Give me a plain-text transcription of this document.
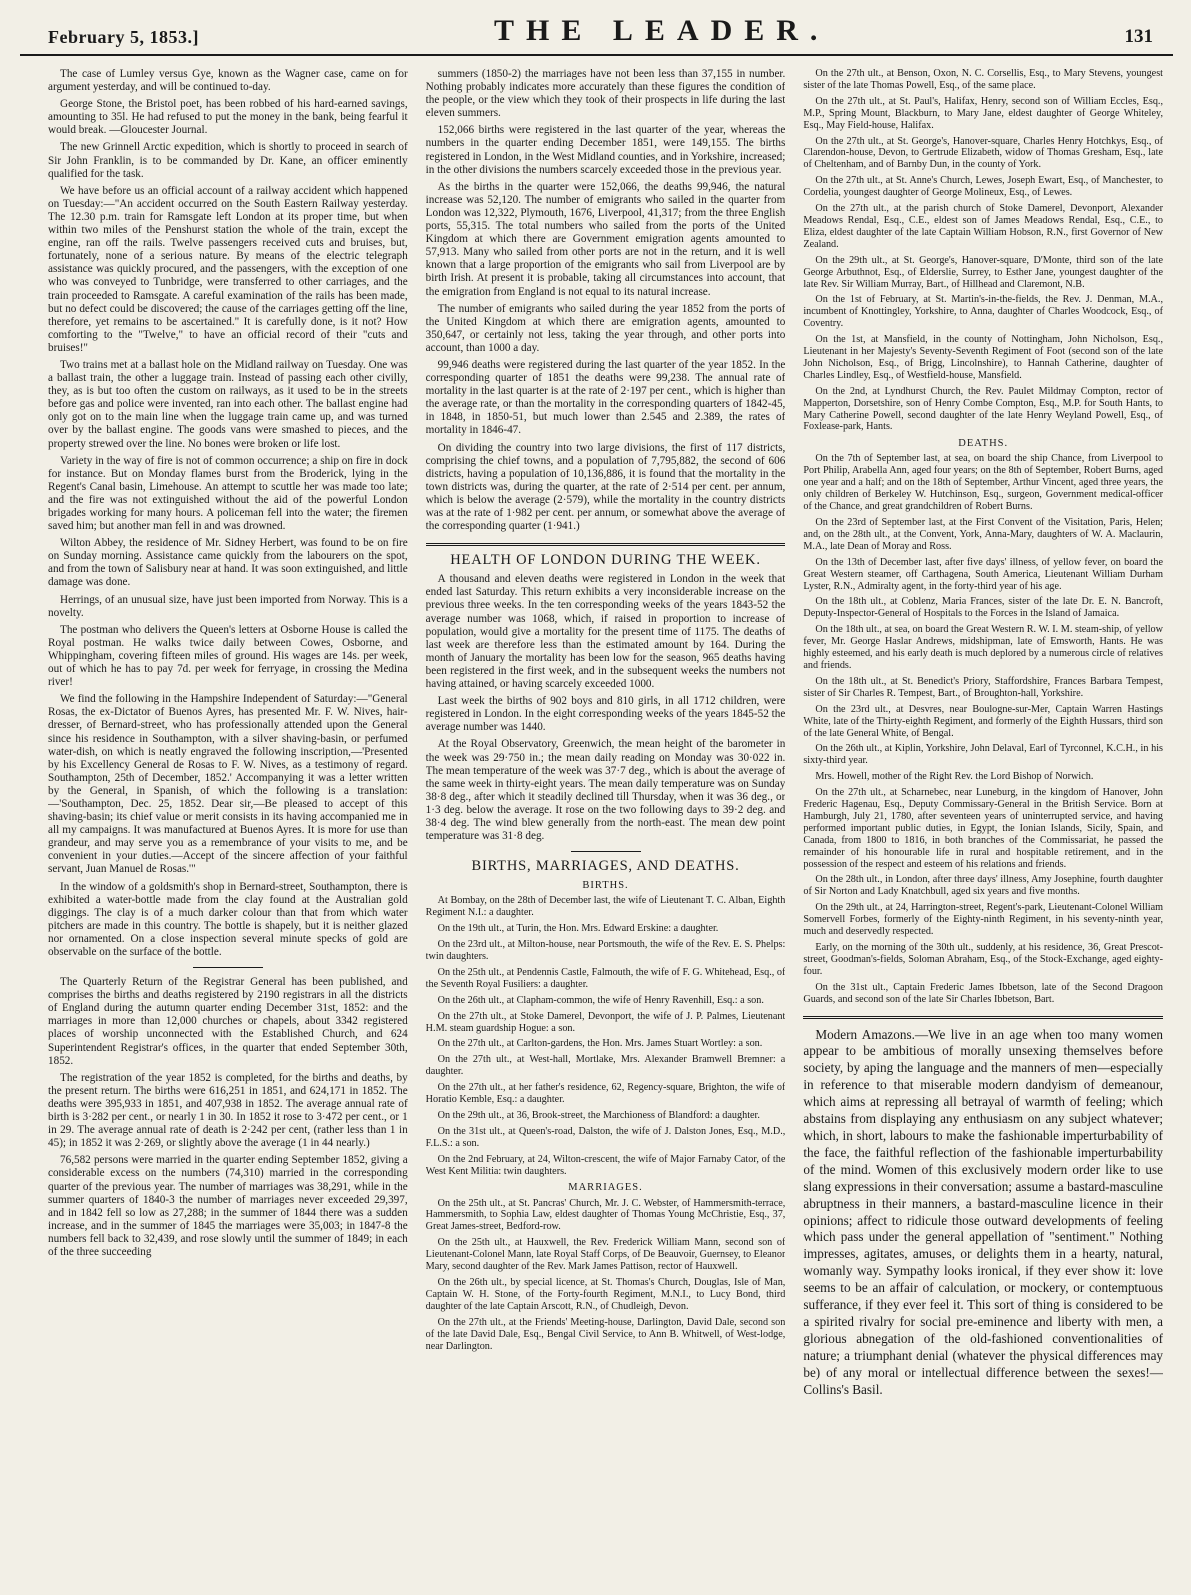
February 5, 1853.]	THE LEADER.	131

The case of Lumley versus Gye, known as the Wagner case, came on for argument yesterday, and will be continued to-day.

George Stone, the Bristol poet, has been robbed of his hard-earned savings, amounting to 35l. He had refused to put the money in the bank, being fearful it would break. —Gloucester Journal.

The new Grinnell Arctic expedition, which is shortly to proceed in search of Sir John Franklin, is to be commanded by Dr. Kane, an officer eminently qualified for the task.

We have before us an official account of a railway accident which happened on Tuesday:—"An accident occurred on the South Eastern Railway yesterday. The 12.30 p.m. train for Ramsgate left London at its proper time, but when within two miles of the Penshurst station the whole of the train, except the engine, ran off the rails. Twelve passengers received cuts and bruises, but, fortunately, none of a serious nature. By means of the electric telegraph assistance was quickly procured, and the passengers, with the exception of one who was conveyed to Tunbridge, were transferred to other carriages, and the train proceeded to Ramsgate. A careful examination of the rails has been made, but no defect could be discovered; the cause of the carriages getting off the line, therefore, yet remains to be ascertained." It is carefully done, is it not? How comforting to the "Twelve," to have an official record of their "cuts and bruises!"

Two trains met at a ballast hole on the Midland railway on Tuesday. One was a ballast train, the other a luggage train. Instead of passing each other civilly, they, as is but too often the custom on railways, as it used to be in the streets before gas and police were invented, ran into each other. The ballast engine had only got on to the main line when the luggage train came up, and was turned over by the ballast engine. The goods vans were smashed to pieces, and the property strewed over the line. No bones were broken or life lost.

Variety in the way of fire is not of common occurrence; a ship on fire in dock for instance. But on Monday flames burst from the Broderick, lying in the Regent's Canal basin, Limehouse. An attempt to scuttle her was made too late; and the fire was not extinguished without the aid of the powerful London brigades working for many hours. A policeman fell into the water; the firemen saved him; but another man fell in and was drowned.

Wilton Abbey, the residence of Mr. Sidney Herbert, was found to be on fire on Sunday morning. Assistance came quickly from the labourers on the spot, and from the town of Salisbury near at hand. It was soon extinguished, and little damage was done.

Herrings, of an unusual size, have just been imported from Norway. This is a novelty.

The postman who delivers the Queen's letters at Osborne House is called the Royal postman. He walks twice daily between Cowes, Osborne, and Whippingham, covering fifteen miles of ground. His wages are 14s. per week, out of which he has to pay 7d. per week for ferryage, in crossing the Medina river!

We find the following in the Hampshire Independent of Saturday:—"General Rosas, the ex-Dictator of Buenos Ayres, has presented Mr. F. W. Nives, hair-dresser, of Bernard-street, who has professionally attended upon the General since his residence in Southampton, with a silver shaving-basin, or perfumed water-dish, on which is neatly engraved the following inscription,—'Presented by his Excellency General de Rosas to F. W. Nives, as a testimony of regard. Southampton, 25th of December, 1852.' Accompanying it was a letter written by the General, in Spanish, of which the following is a translation:—'Southampton, Dec. 25, 1852. Dear sir,—Be pleased to accept of this shaving-basin; its chief value or merit consists in its having accompanied me in all my campaigns. It was manufactured at Buenos Ayres. It is more for use than grandeur, and may serve you as a remembrance of your visits to me, and be convenient in your duties.—Accept of the sincere affection of your faithful servant, Juan Manuel de Rosas.'"

In the window of a goldsmith's shop in Bernard-street, Southampton, there is exhibited a water-bottle made from the clay found at the Australian gold diggings. The clay is of a much darker colour than that from which water pitchers are made in this country. The bottle is shapely, but it is neither glazed nor ornamented. On a close inspection several minute specks of gold are observable on the surface of the bottle.

The Quarterly Return of the Registrar General has been published, and comprises the births and deaths registered by 2190 registrars in all the districts of England during the autumn quarter ending December 31st, 1852: and the marriages in more than 12,000 churches or chapels, about 3342 registered places of worship unconnected with the Established Church, and 624 Superintendent Registrar's offices, in the quarter that ended September 30th, 1852.

The registration of the year 1852 is completed, for the births and deaths, by the present return. The births were 616,251 in 1851, and 624,171 in 1852. The deaths were 395,933 in 1851, and 407,938 in 1852. The average annual rate of birth is 3·282 per cent., or nearly 1 in 30. In 1852 it rose to 3·472 per cent., or 1 in 29. The average annual rate of death is 2·242 per cent, (rather less than 1 in 45); in 1852 it was 2·269, or slightly above the average (1 in 44 nearly.)

76,582 persons were married in the quarter ending September 1852, giving a considerable excess on the numbers (74,310) married in the corresponding quarter of the previous year. The number of marriages was 38,291, while in the summer quarters of 1840-3 the number of marriages never exceeded 29,397, and in 1842 fell so low as 27,288; in the summer of 1844 there was a sudden increase, and in the summer of 1845 the marriages were 35,003; in 1847-8 the numbers fell back to 32,439, and rose slowly until the summer of 1849; in each of the three succeeding

summers (1850-2) the marriages have not been less than 37,155 in number. Nothing probably indicates more accurately than these figures the condition of the people, or the view which they took of their prospects in life during the last eleven summers.

152,066 births were registered in the last quarter of the year, whereas the numbers in the quarter ending December 1851, were 149,155. The births registered in London, in the West Midland counties, and in Yorkshire, increased; in the other divisions the numbers scarcely exceeded those in the previous year.

As the births in the quarter were 152,066, the deaths 99,946, the natural increase was 52,120. The number of emigrants who sailed in the quarter from London was 12,322, Plymouth, 1676, Liverpool, 41,317; from the three English ports, 55,315. The total numbers who sailed from the ports of the United Kingdom at which there are Government emigration agents amounted to 57,913. Many who sailed from other ports are not in the return, and it is well known that a large proportion of the emigrants who sail from Liverpool are by birth Irish. At present it is probable, taking all circumstances into account, that the emigration from England is not equal to its natural increase.

The number of emigrants who sailed during the year 1852 from the ports of the United Kingdom at which there are emigration agents, amounted to 350,647, or certainly not less, taking the year through, and other ports into account, than 1000 a day.

99,946 deaths were registered during the last quarter of the year 1852. In the corresponding quarter of 1851 the deaths were 99,238. The annual rate of mortality in the last quarter is at the rate of 2·197 per cent., which is higher than the average rate, or than the mortality in the corresponding quarters of 1842-45, in 1848, in 1850-51, but much lower than 2.545 and 2.389, the rates of mortality in 1846-47.

On dividing the country into two large divisions, the first of 117 districts, comprising the chief towns, and a population of 7,795,882, the second of 606 districts, having a population of 10,136,886, it is found that the mortality in the town districts was, during the quarter, at the rate of 2·514 per cent. per annum, which is below the average (2·579), while the mortality in the country districts was at the rate of 1·982 per cent. per annum, or somewhat above the average of the corresponding quarter (1·941.)

HEALTH OF LONDON DURING THE WEEK.

A thousand and eleven deaths were registered in London in the week that ended last Saturday. This return exhibits a very inconsiderable increase on the previous three weeks. In the ten corresponding weeks of the years 1843-52 the average number was 1068, which, if raised in proportion to increase of population, would give a mortality for the present time of 1175. The deaths of last week are therefore less than the estimated amount by 164. During the month of January the mortality has been low for the season, 965 deaths having been registered in the first week, and in the subsequent weeks the numbers not having attained, or having scarcely exceeded 1000.

Last week the births of 902 boys and 810 girls, in all 1712 children, were registered in London. In the eight corresponding weeks of the years 1845-52 the average number was 1440.

At the Royal Observatory, Greenwich, the mean height of the barometer in the week was 29·750 in.; the mean daily reading on Monday was 30·022 in. The mean temperature of the week was 37·7 deg., which is about the average of the same week in thirty-eight years. The mean daily temperature was on Sunday 38·8 deg., after which it steadily declined till Thursday, when it was 36 deg., or 1·3 deg. below the average. It rose on the two following days to 39·2 deg. and 38·4 deg. The wind blew generally from the north-east. The mean dew point temperature was 31·8 deg.

BIRTHS, MARRIAGES, AND DEATHS.
BIRTHS.

At Bombay, on the 28th of December last, the wife of Lieutenant T. C. Alban, Eighth Regiment N.I.: a daughter.

On the 19th ult., at Turin, the Hon. Mrs. Edward Erskine: a daughter.

On the 23rd ult., at Milton-house, near Portsmouth, the wife of the Rev. E. S. Phelps: twin daughters.

On the 25th ult., at Pendennis Castle, Falmouth, the wife of F. G. Whitehead, Esq., of the Seventh Royal Fusiliers: a daughter.

On the 26th ult., at Clapham-common, the wife of Henry Ravenhill, Esq.: a son.

On the 27th ult., at Stoke Damerel, Devonport, the wife of J. P. Palmes, Lieutenant H.M. steam guardship Hogue: a son.

On the 27th ult., at Carlton-gardens, the Hon. Mrs. James Stuart Wortley: a son.

On the 27th ult., at West-hall, Mortlake, Mrs. Alexander Bramwell Bremner: a daughter.

On the 27th ult., at her father's residence, 62, Regency-square, Brighton, the wife of Horatio Kemble, Esq.: a daughter.

On the 29th ult., at 36, Brook-street, the Marchioness of Blandford: a daughter.

On the 31st ult., at Queen's-road, Dalston, the wife of J. Dalston Jones, Esq., M.D., F.L.S.: a son.

On the 2nd February, at 24, Wilton-crescent, the wife of Major Farnaby Cator, of the West Kent Militia: twin daughters.

MARRIAGES.

On the 25th ult., at St. Pancras' Church, Mr. J. C. Webster, of Hammersmith-terrace, Hammersmith, to Sophia Law, eldest daughter of Thomas Young McChristie, Esq., 37, Great James-street, Bedford-row.

On the 25th ult., at Hauxwell, the Rev. Frederick William Mann, second son of Lieutenant-Colonel Mann, late Royal Staff Corps, of De Beauvoir, Guernsey, to Eleanor Mary, second daughter of the Rev. Mark James Pattison, rector of Hauxwell.

On the 26th ult., by special licence, at St. Thomas's Church, Douglas, Isle of Man, Captain W. H. Stone, of the Forty-fourth Regiment, M.N.I., to Lucy Bond, third daughter of the late Captain Arscott, R.N., of Chudleigh, Devon.

On the 27th ult., at the Friends' Meeting-house, Darlington, David Dale, second son of the late David Dale, Esq., Bengal Civil Service, to Ann B. Whitwell, of West-lodge, near Darlington.

On the 27th ult., at Benson, Oxon, N. C. Corsellis, Esq., to Mary Stevens, youngest sister of the late Thomas Powell, Esq., of the same place.

On the 27th ult., at St. Paul's, Halifax, Henry, second son of William Eccles, Esq., M.P., Spring Mount, Blackburn, to Mary Jane, eldest daughter of George Whiteley, Esq., May Field-house, Halifax.

On the 27th ult., at St. George's, Hanover-square, Charles Henry Hotchkys, Esq., of Clarendon-house, Devon, to Gertrude Elizabeth, widow of Thomas Gresham, Esq., late of Cheltenham, and of Barnby Dun, in the county of York.

On the 27th ult., at St. Anne's Church, Lewes, Joseph Ewart, Esq., of Manchester, to Cordelia, youngest daughter of George Molineux, Esq., of Lewes.

On the 27th ult., at the parish church of Stoke Damerel, Devonport, Alexander Meadows Rendal, Esq., C.E., eldest son of James Meadows Rendal, Esq., C.E., to Eliza, eldest daughter of the late Captain William Hobson, R.N., first Governor of New Zealand.

On the 29th ult., at St. George's, Hanover-square, D'Monte, third son of the late George Arbuthnot, Esq., of Elderslie, Surrey, to Esther Jane, youngest daughter of the late Rev. Sir William Murray, Bart., of Hillhead and Claremont, N.B.

On the 1st of February, at St. Martin's-in-the-fields, the Rev. J. Denman, M.A., incumbent of Knottingley, Yorkshire, to Anna, daughter of Charles Woodcock, Esq., of Coventry.

On the 1st, at Mansfield, in the county of Nottingham, John Nicholson, Esq., Lieutenant in her Majesty's Seventy-Seventh Regiment of Foot (second son of the late John Nicholson, Esq., of Brigg, Lincolnshire), to Hannah Catherine, daughter of Charles Lindley, Esq., of Westfield-house, Mansfield.

On the 2nd, at Lyndhurst Church, the Rev. Paulet Mildmay Compton, rector of Mapperton, Dorsetshire, son of Henry Combe Compton, Esq., M.P. for South Hants, to Mary Catherine Powell, second daughter of the late Henry Weyland Powell, Esq., of Foxlease-park, Hants.

DEATHS.

On the 7th of September last, at sea, on board the ship Chance, from Liverpool to Port Philip, Arabella Ann, aged four years; on the 8th of September, Robert Burns, aged one year and a half; and on the 18th of September, Arthur Vincent, aged three years, the only children of Berkeley W. Hutchinson, Esq., surgeon, Government medical-officer of the Chance, and great grandchildren of Robert Burns.

On the 23rd of September last, at the First Convent of the Visitation, Paris, Helen; and, on the 28th ult., at the Convent, York, Anna-Mary, daughters of W. A. Maclaurin, M.A., late Dean of Moray and Ross.

On the 13th of December last, after five days' illness, of yellow fever, on board the Great Western steamer, off Carthagena, South America, Lieutenant William Durham Lyster, R.N., Admiralty agent, in the forty-third year of his age.

On the 18th ult., at Coblenz, Maria Frances, sister of the late Dr. E. N. Bancroft, Deputy-Inspector-General of Hospitals to the Forces in the Island of Jamaica.

On the 18th ult., at sea, on board the Great Western R. W. I. M. steam-ship, of yellow fever, Mr. George Haslar Andrews, midshipman, late of Emsworth, Hants. He was highly esteemed, and his early death is much deplored by a numerous circle of relatives and friends.

On the 18th ult., at St. Benedict's Priory, Staffordshire, Frances Barbara Tempest, sister of Sir Charles R. Tempest, Bart., of Broughton-hall, Yorkshire.

On the 23rd ult., at Desvres, near Boulogne-sur-Mer, Captain Warren Hastings White, late of the Thirty-eighth Regiment, and formerly of the Eighth Hussars, third son of the late General White, of Bengal.

On the 26th ult., at Kiplin, Yorkshire, John Delaval, Earl of Tyrconnel, K.C.H., in his sixty-third year.

Mrs. Howell, mother of the Right Rev. the Lord Bishop of Norwich.

On the 27th ult., at Scharnebec, near Luneburg, in the kingdom of Hanover, John Frederic Hagenau, Esq., Deputy Commissary-General in the British Service. Born at Hamburgh, July 21, 1780, after seventeen years of uninterrupted service, and having performed important public duties, in Egypt, the Ionian Islands, Sicily, Spain, and Canada, from 1800 to 1816, in both branches of the Commissariat, he passed the remainder of his honourable life in rural and hospitable retirement, and in the possession of the respect and esteem of his relations and friends.

On the 28th ult., in London, after three days' illness, Amy Josephine, fourth daughter of Sir Norton and Lady Knatchbull, aged six years and five months.

On the 29th ult., at 24, Harrington-street, Regent's-park, Lieutenant-Colonel William Somervell Forbes, formerly of the Eighty-ninth Regiment, in his seventy-ninth year, much and deservedly respected.

Early, on the morning of the 30th ult., suddenly, at his residence, 36, Great Prescot-street, Goodman's-fields, Soloman Abraham, Esq., of the Stock-Exchange, aged eighty-four.

On the 31st ult., Captain Frederic James Ibbetson, late of the Second Dragoon Guards, and second son of the late Sir Charles Ibbetson, Bart.

Modern Amazons.—We live in an age when too many women appear to be ambitious of morally unsexing themselves before society, by aping the language and the manners of men—especially in reference to that miserable modern dandyism of demeanour, which aims at repressing all betrayal of warmth of feeling; which abstains from displaying any enthusiasm on any subject whatever; which, in short, labours to make the fashionable imperturbability of the face, the faithful reflection of the fashionable imperturbability of the mind. Women of this exclusively modern order like to use slang expressions in their conversation; assume a bastard-masculine abruptness in their manners, a bastard-masculine licence in their opinions; affect to ridicule those outward developments of feeling which pass under the general appellation of "sentiment." Nothing impresses, agitates, amuses, or delights them in a hearty, natural, womanly way. Sympathy looks ironical, if they ever show it: love seems to be an affair of calculation, or mockery, or contemptuous sufferance, if they ever feel it. This sort of thing is considered to be a spirited rivalry for social pre-eminence and liberty with men, a glorious abnegation of the old-fashioned conventionalities of nature; a triumphant denial (whatever the physical differences may be) of any moral or intellectual difference between the sexes!—Collins's Basil.
